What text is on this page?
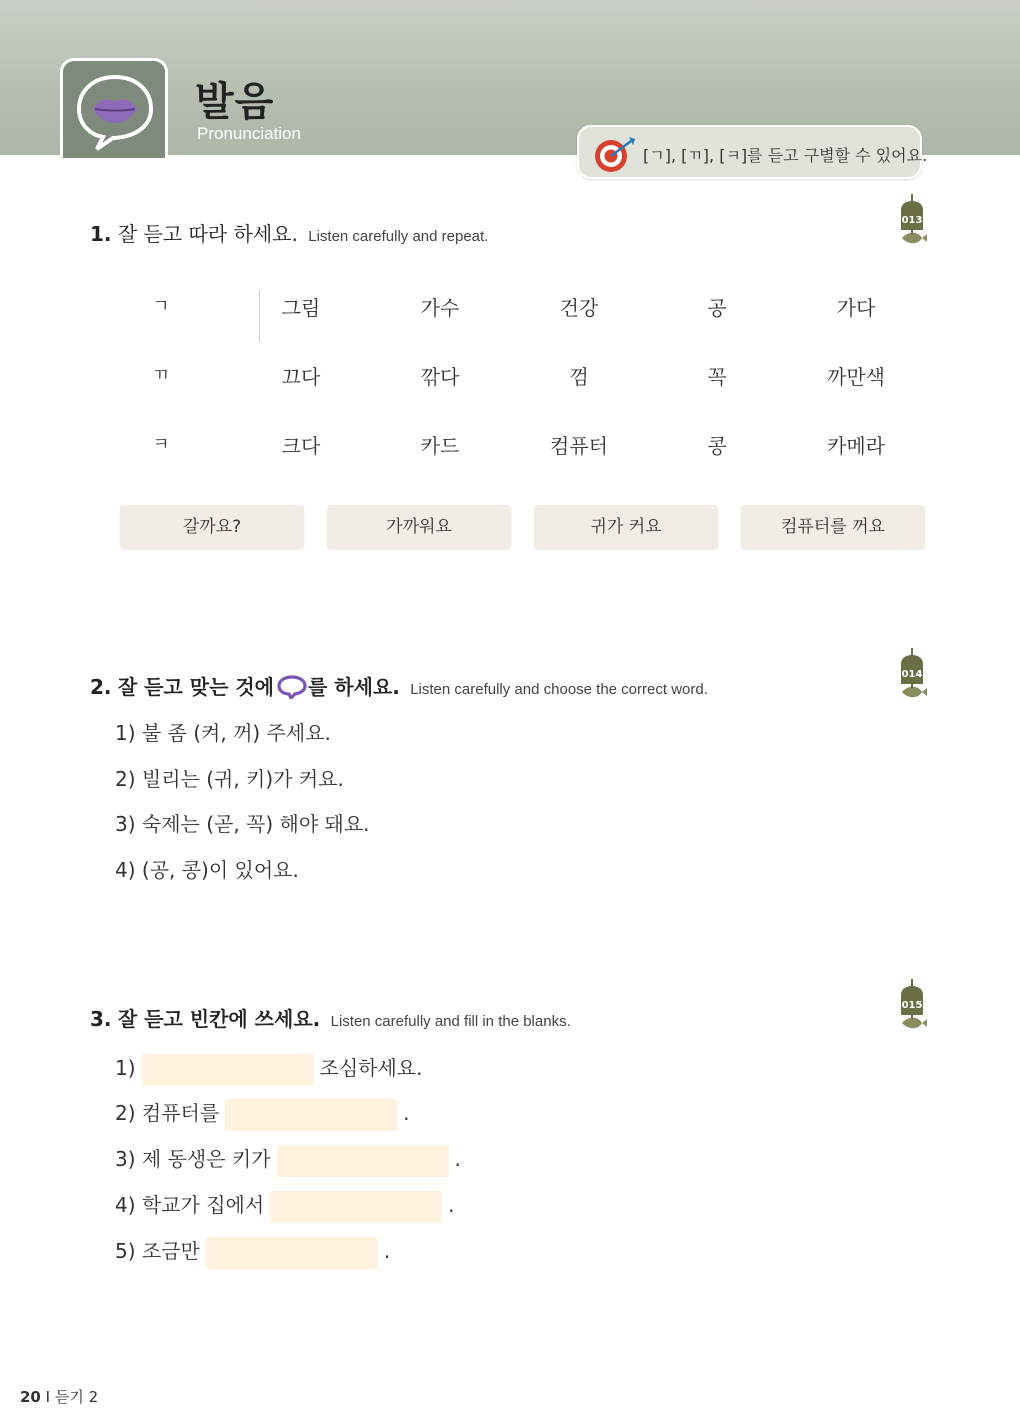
발음
Pronunciation
[ㄱ], [ㄲ], [ㅋ]를 듣고 구별할 수 있어요.
1. 잘 듣고 따라 하세요. Listen carefully and repeat.
013
ㄱ	그림	가수	건강	공	가다
ㄲ	끄다	깎다	껌	꼭	까만색
ㅋ	크다	카드	컴퓨터	콩	카메라
갈까요?	가까워요	귀가 커요	컴퓨터를 꺼요
2. 잘 듣고 맞는 것에 를 하세요. Listen carefully and choose the correct word.
014
1) 불 좀 (켜, 꺼) 주세요.
2) 빌리는 (귀, 키)가 커요.
3) 숙제는 (곧, 꼭) 해야 돼요.
4) (공, 콩)이 있어요.
3. 잘 듣고 빈칸에 쓰세요. Listen carefully and fill in the blanks.
015
1)	조심하세요.
2) 컴퓨터를	.
3) 제 동생은 키가	.
4) 학교가 집에서	.
5) 조금만	.
20 I 듣기 2
